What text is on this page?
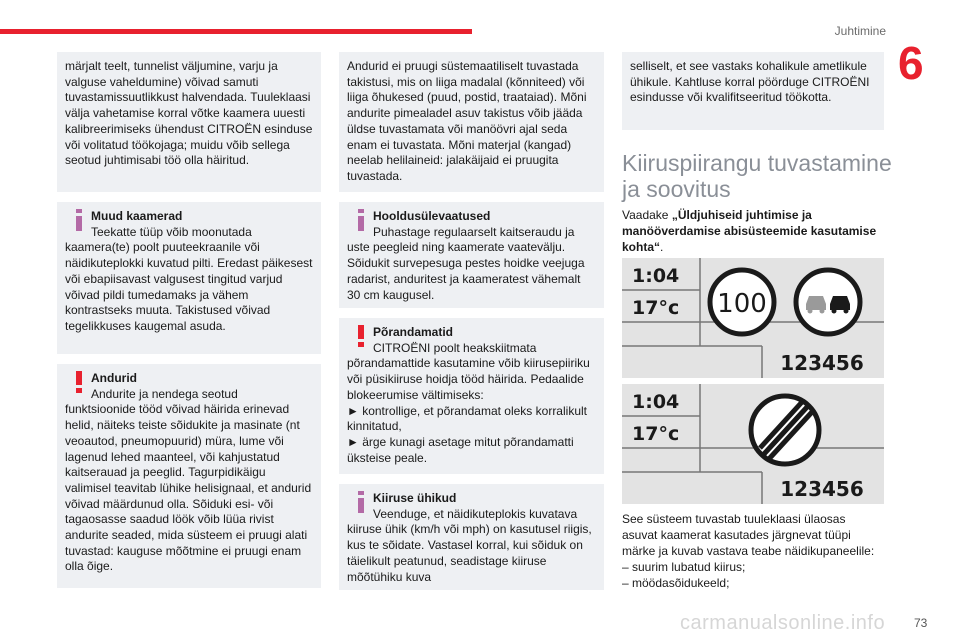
Juhtimine
6

märjalt teelt, tunnelist väljumine, varju ja valguse vaheldumine) võivad samuti tuvastamissuutlikkust halvendada. Tuuleklaasi välja vahetamise korral võtke kaamera uuesti kalibreerimiseks ühendust CITROËN esinduse või volitatud töökojaga; muidu võib sellega seotud juhtimisabi töö olla häiritud.

Muud kaamerad

Teekatte tüüp võib moonutada

kaamera(te) poolt puuteekraanile või näidikuteplokki kuvatud pilti. Eredast päikesest või ebapiisavast valgusest tingitud varjud võivad pildi tumedamaks ja vähem kontrastseks muuta. Takistused võivad tegelikkuses kaugemal asuda.

Andurid

Andurite ja nendega seotud

funktsioonide tööd võivad häirida erinevad helid, näiteks teiste sõidukite ja masinate (nt veoautod, pneumopuurid) müra, lume või lagenud lehed maanteel, või kahjustatud kaitserauad ja peeglid. Tagurpidikäigu valimisel teavitab lühike helisignaal, et andurid võivad määrdunud olla. Sõiduki esi- või tagaosasse saadud löök võib lüüa rivist andurite seaded, mida süsteem ei pruugi alati tuvastad: kauguse mõõtmine ei pruugi enam olla õige.

Andurid ei pruugi süstemaatiliselt tuvastada takistusi, mis on liiga madalal (kõnniteed) või liiga õhukesed (puud, postid, traataiad). Mõni andurite pimealadel asuv takistus võib jääda üldse tuvastamata või manöövri ajal seda enam ei tuvastata. Mõni materjal (kangad) neelab helilaineid: jalakäijaid ei pruugita tuvastada.

Hooldusülevaatused

Puhastage regulaarselt kaitseraudu ja

uste peegleid ning kaamerate vaatevälju. Sõidukit survepesuga pestes hoidke veejuga radarist, anduritest ja kaameratest vähemalt 30 cm kaugusel.

Põrandamatid

CITROËNI poolt heakskiitmata

põrandamattide kasutamine võib kiirusepiiriku või püsikiiruse hoidja tööd häirida. Pedaalide blokeerumise vältimiseks:

► kontrollige, et põrandamat oleks korralikult kinnitatud,

► ärge kunagi asetage mitut põrandamatti üksteise peale.

Kiiruse ühikud

Veenduge, et näidikuteplokis kuvatava

kiiruse ühik (km/h või mph) on kasutusel riigis, kus te sõidate. Vastasel korral, kui sõiduk on täielikult peatunud, seadistage kiiruse mõõtühiku kuva

selliselt, et see vastaks kohalikule ametlikule ühikule. Kahtluse korral pöörduge CITROËNI esindusse või kvalifitseeritud töökotta.

Kiiruspiirangu tuvastamine ja soovitus

Vaadake „Üldjuhiseid juhtimise ja manööverdamise abisüsteemide kasutamise kohta“.

1:04
17°c 100
123456
1:04
17°c
123456

See süsteem tuvastab tuuleklaasi ülaosas asuvat kaamerat kasutades järgnevat tüüpi märke ja kuvab vastava teabe näidikupaneelile:

– suurim lubatud kiirus;

– möödasõidukeeld;

carmanualsonline.info 73
